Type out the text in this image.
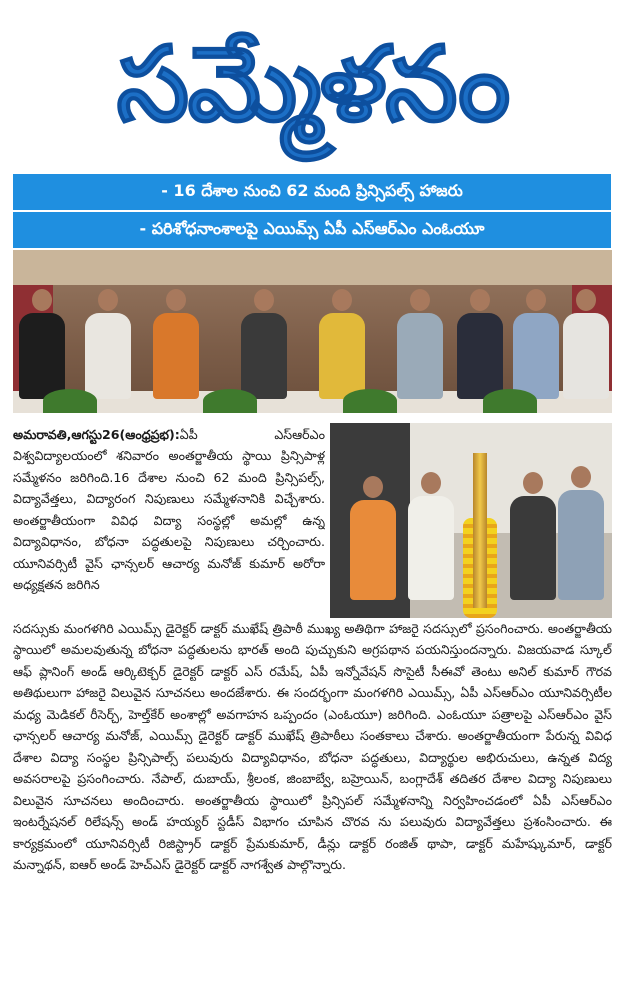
సమ్మేళనం
- 16 దేశాల నుంచి 62 మంది ప్రిన్సిపల్స్ హాజరు
- పరిశోధనాంశాలపై ఎయిమ్స్ ఏపీ ఎస్ఆర్ఎం ఎంఓయూ
అమరావతి,ఆగస్టు26(ఆంధ్రప్రభ):ఏపీ ఎస్ఆర్ఎం విశ్వవిద్యాలయంలో శనివారం అంతర్జాతీయ స్థాయి ప్రిన్సిపాళ్ల సమ్మేళనం జరిగింది.16 దేశాల నుంచి 62 మంది ప్రిన్సిపల్స్, విద్యావేత్తలు, విద్యారంగ నిపుణులు సమ్మేళనానికి విచ్చేశారు. అంతర్జాతీయంగా వివిధ విద్యా సంస్థల్లో అమల్లో ఉన్న విద్యావిధానం, బోధనా పద్ధతులపై నిపుణులు చర్చించారు. యూనివర్సిటీ వైస్ ఛాన్సలర్ ఆచార్య మనోజ్ కుమార్ అరోరా అధ్యక్షతన జరిగిన
సదస్సుకు మంగళగిరి ఎయిమ్స్ డైరెక్టర్ డాక్టర్ ముఖేష్ త్రిపాఠీ ముఖ్య అతిథిగా హాజరై సదస్సులో ప్రసంగించారు. అంతర్జాతీయ స్థాయిలో అమలవుతున్న బోధనా పద్ధతులను భారత్ అంది పుచ్చుకుని అగ్రపథాన పయనిస్తుందన్నారు. విజయవాడ స్కూల్ ఆఫ్ ప్లానింగ్ అండ్ ఆర్కిటెక్చర్ డైరెక్టర్ డాక్టర్ ఎస్ రమేష్, ఏపీ ఇన్నోవేషన్ సొసైటీ సీఈవో తెంటు అనిల్ కుమార్ గౌరవ అతిథులుగా హాజరై విలువైన సూచనలు అందజేశారు. ఈ సందర్భంగా మంగళగిరి ఎయిమ్స్, ఏపీ ఎస్ఆర్ఎం యూనివర్సిటీల మధ్య మెడికల్ రీసెర్చ్, హెల్త్‌కేర్ అంశాల్లో అవగాహన ఒప్పందం (ఎంఓయూ) జరిగింది. ఎంఓయూ పత్రాలపై ఎస్ఆర్ఎం వైస్ ఛాన్సలర్ ఆచార్య మనోజ్, ఎయిమ్స్ డైరెక్టర్ డాక్టర్ ముఖేష్ త్రిపాఠీలు సంతకాలు చేశారు. అంతర్జాతీయంగా పేరున్న వివిధ దేశాల విద్యా సంస్థల ప్రిన్సిపాల్స్ పలువురు విద్యావిధానం, బోధనా పద్ధతులు, విద్యార్థుల అభిరుచులు, ఉన్నత విద్య అవసరాలపై ప్రసంగించారు. నేపాల్, దుబాయ్, శ్రీలంక, జింబాబ్వే, బహ్రెయిన్, బంగ్లాదేశ్ తదితర దేశాల విద్యా నిపుణులు విలువైన సూచనలు అందించారు. అంతర్జాతీయ స్థాయిలో ప్రిన్సిపల్ సమ్మేళనాన్ని నిర్వహించడంలో ఏపీ ఎస్ఆర్ఎం ఇంటర్నేషనల్ రిలేషన్స్ అండ్ హయ్యర్ స్టడీస్ విభాగం చూపిన చొరవ ను పలువురు విద్యావేత్తలు ప్రశంసించారు. ఈ కార్యక్రమంలో యూనివర్సిటీ రిజిస్ట్రార్ డాక్టర్ ప్రేమకుమార్, డీన్లు డాక్టర్ రంజిత్ థాపా, డాక్టర్ మహేష్కుమార్, డాక్టర్ మన్నాథన్, ఐఆర్ అండ్ హెచ్ఎస్ డైరెక్టర్ డాక్టర్ నాగశ్వేత పాల్గొన్నారు.
